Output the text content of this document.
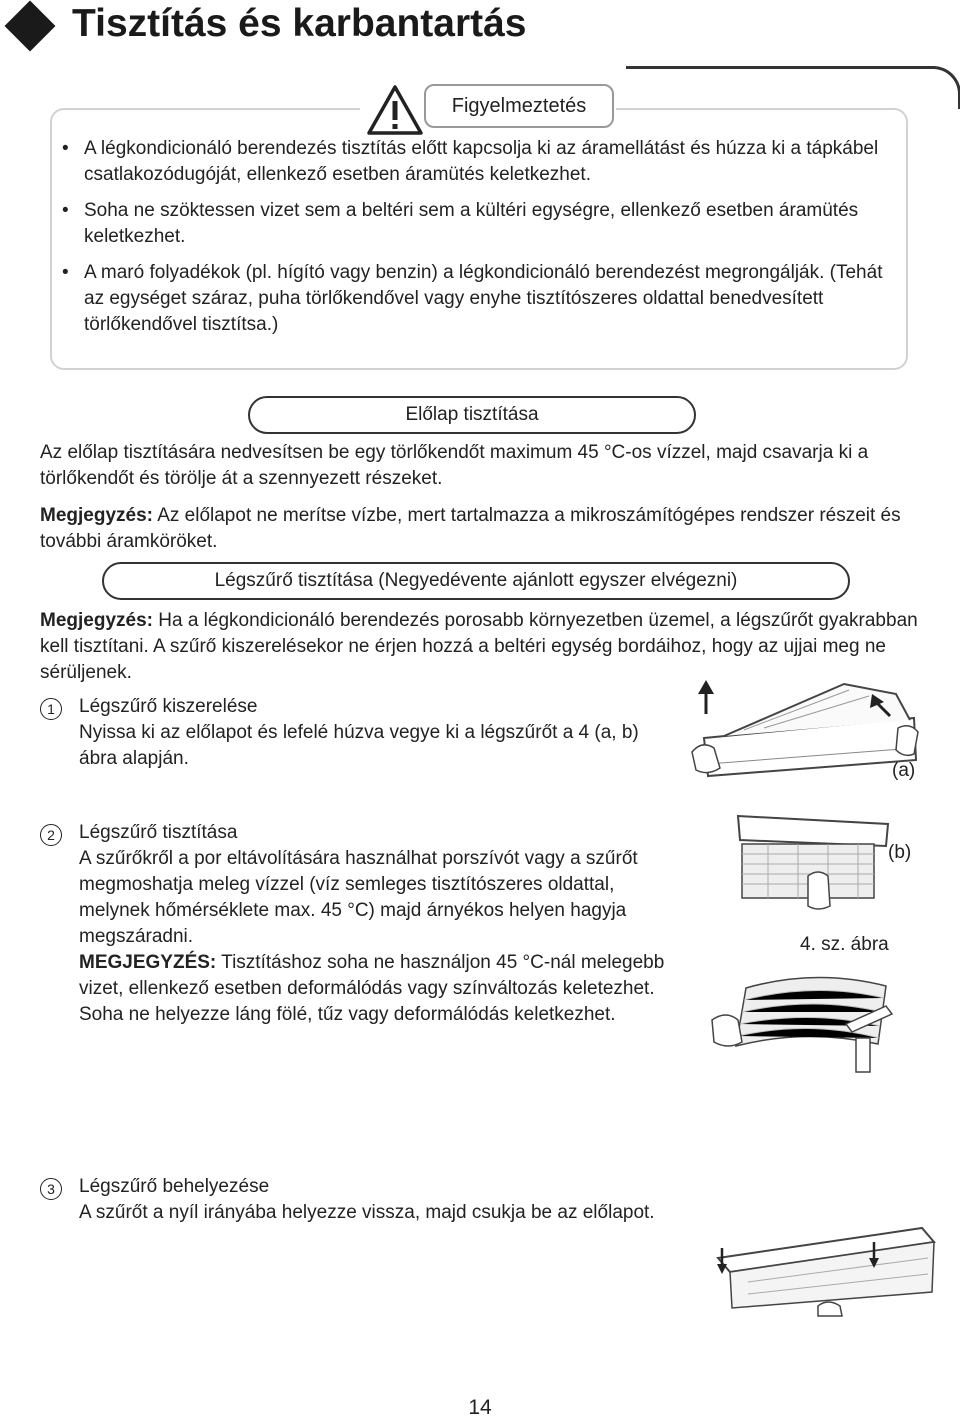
Tisztítás és karbantartás
Figyelmeztetés
• A légkondicionáló berendezés tisztítás előtt kapcsolja ki az áramellátást és húzza ki a tápkábel csatlakozódugóját, ellenkező esetben áramütés keletkezhet.
• Soha ne szöktessen vizet sem a beltéri sem a kültéri egységre, ellenkező esetben áramütés keletkezhet.
• A maró folyadékok (pl. hígító vagy benzin) a légkondicionáló berendezést megrongálják. (Tehát az egységet száraz, puha törlőkendővel vagy enyhe tisztítószeres oldattal benedvesített törlőkendővel tisztítsa.)
Előlap tisztítása
Az előlap tisztítására nedvesítsen be egy törlőkendőt maximum 45 °C-os vízzel, majd csavarja ki a törlőkendőt és törölje át a szennyezett részeket.
Megjegyzés: Az előlapot ne merítse vízbe, mert tartalmazza a mikroszámítógépes rendszer részeit és további áramköröket.
Légszűrő tisztítása (Negyedévente ajánlott egyszer elvégezni)
Megjegyzés: Ha a légkondicionáló berendezés porosabb környezetben üzemel, a légszűrőt gyakrabban kell tisztítani. A szűrő kiszerelésekor ne érjen hozzá a beltéri egység bordáihoz, hogy az ujjai meg ne sérüljenek.
1	Légszűrő kiszerelése
Nyissa ki az előlapot és lefelé húzva vegye ki a légszűrőt a 4 (a, b) ábra alapján.
2	Légszűrő tisztítása
A szűrőkről a por eltávolítására használhat porszívót vagy a szűrőt megmoshatja meleg vízzel (víz semleges tisztítószeres oldattal, melynek hőmérséklete max. 45 °C) majd árnyékos helyen hagyja megszáradni.
MEGJEGYZÉS: Tisztításhoz soha ne használjon 45 °C-nál melegebb vizet, ellenkező esetben deformálódás vagy színváltozás keletezhet. Soha ne helyezze láng fölé, tűz vagy deformálódás keletkezhet.
3	Légszűrő behelyezése
A szűrőt a nyíl irányába helyezze vissza, majd csukja be az előlapot.
(a)
(b)
4. sz. ábra
14
